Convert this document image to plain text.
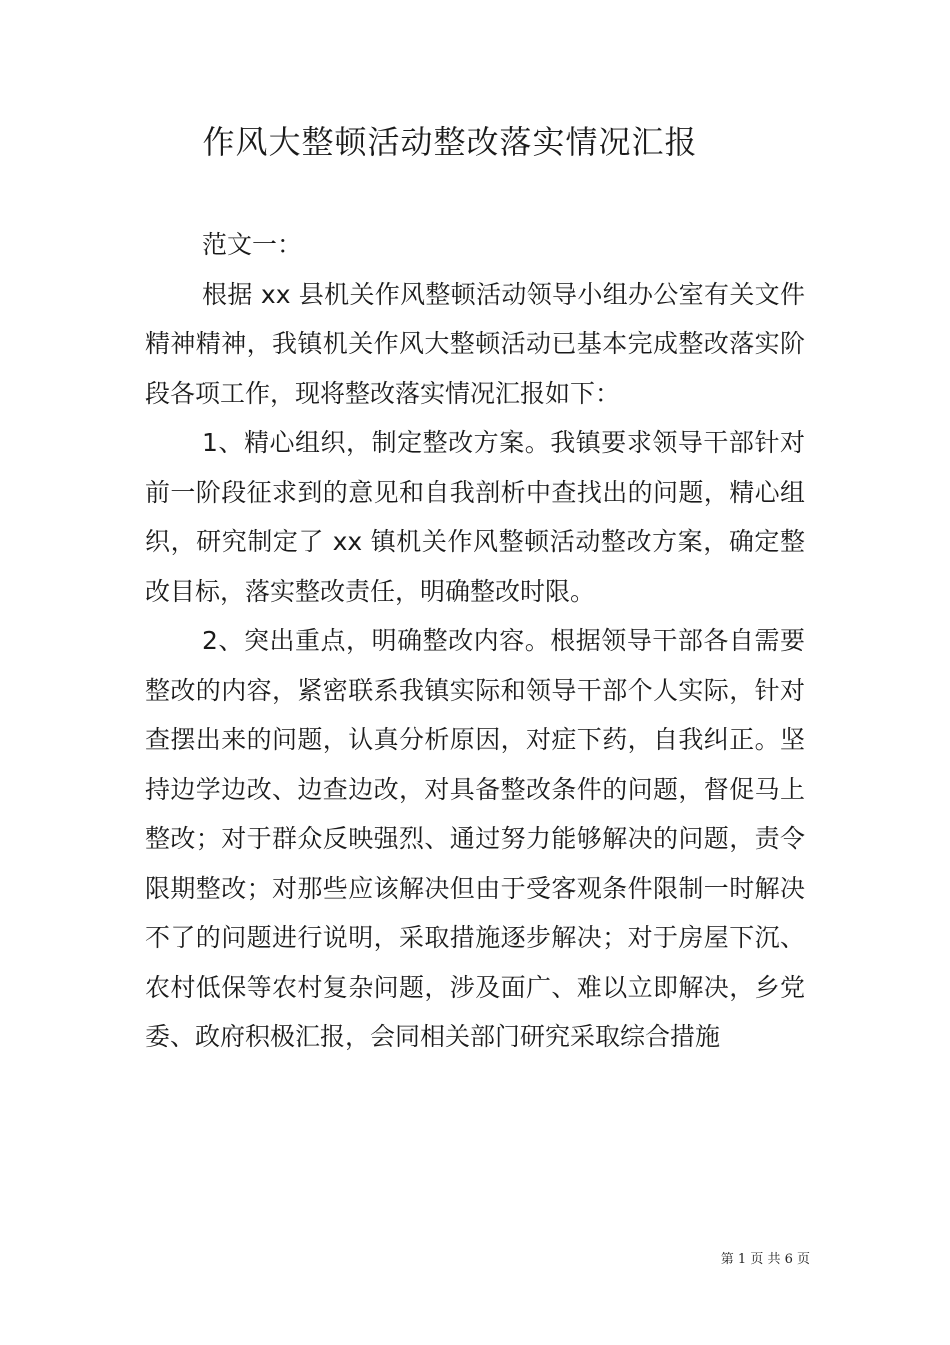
作风大整顿活动整改落实情况汇报

范文一：

根据 xx 县机关作风整顿活动领导小组办公室有关文件精神精神，我镇机关作风大整顿活动已基本完成整改落实阶段各项工作，现将整改落实情况汇报如下：

1、精心组织，制定整改方案。我镇要求领导干部针对前一阶段征求到的意见和自我剖析中查找出的问题，精心组织，研究制定了 xx 镇机关作风整顿活动整改方案，确定整改目标，落实整改责任，明确整改时限。

2、突出重点，明确整改内容。根据领导干部各自需要整改的内容，紧密联系我镇实际和领导干部个人实际，针对查摆出来的问题，认真分析原因，对症下药，自我纠正。坚持边学边改、边查边改，对具备整改条件的问题，督促马上整改；对于群众反映强烈、通过努力能够解决的问题，责令限期整改；对那些应该解决但由于受客观条件限制一时解决不了的问题进行说明，采取措施逐步解决；对于房屋下沉、农村低保等农村复杂问题，涉及面广、难以立即解决，乡党委、政府积极汇报，会同相关部门研究采取综合措施

第 1 页 共 6 页
